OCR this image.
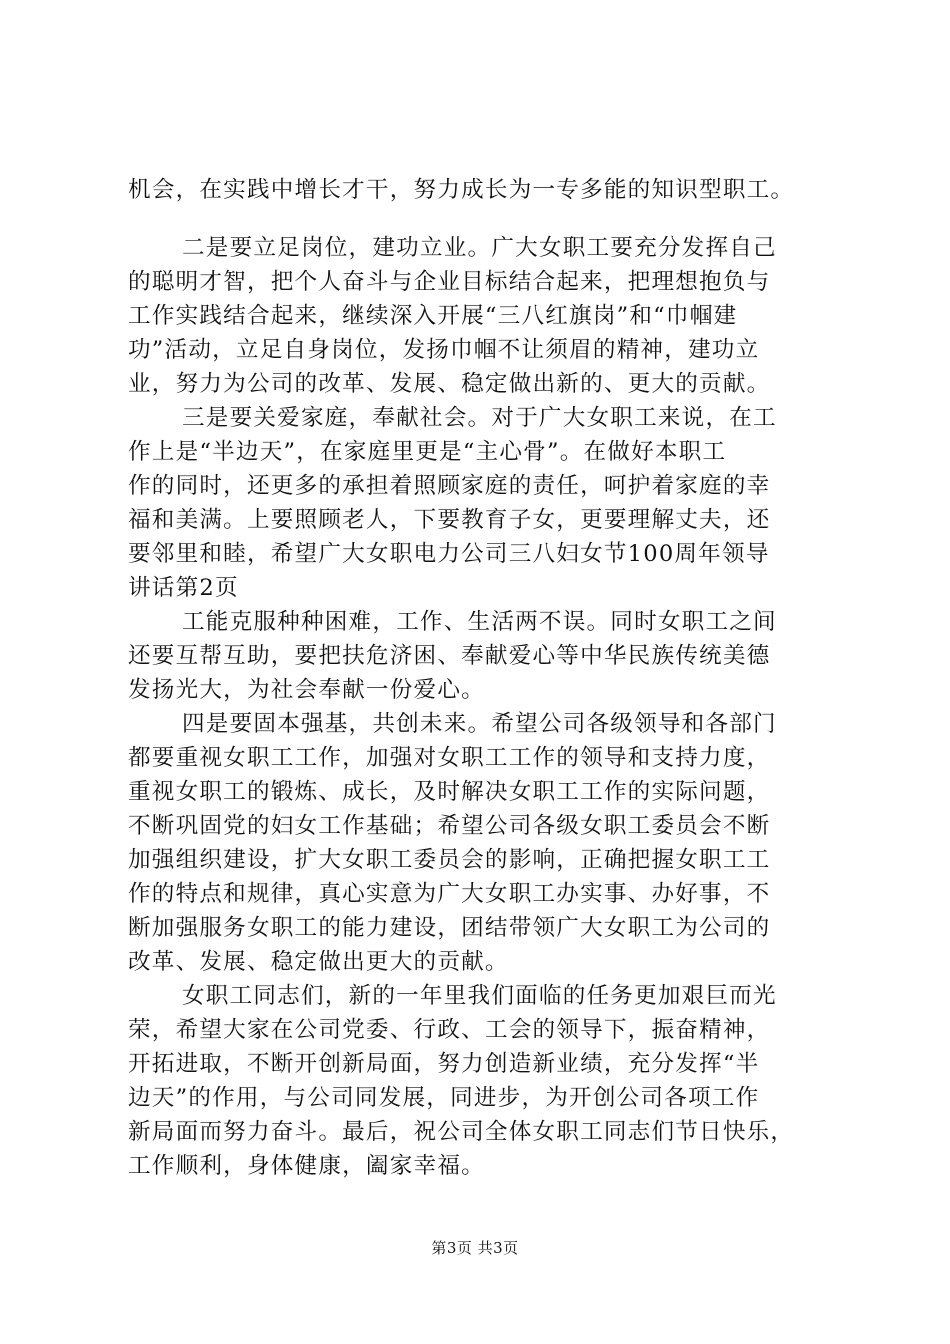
机会，在实践中增长才干，努力成长为一专多能的知识型职工。
二是要立足岗位，建功立业。广大女职工要充分发挥自己
的聪明才智，把个人奋斗与企业目标结合起来，把理想抱负与
工作实践结合起来，继续深入开展“三八红旗岗”和“巾帼建
功”活动，立足自身岗位，发扬巾帼不让须眉的精神，建功立
业，努力为公司的改革、发展、稳定做出新的、更大的贡献。
三是要关爱家庭，奉献社会。对于广大女职工来说，在工
作上是“半边天”，在家庭里更是“主心骨”。在做好本职工
作的同时，还更多的承担着照顾家庭的责任，呵护着家庭的幸
福和美满。上要照顾老人，下要教育子女，更要理解丈夫，还
要邻里和睦，希望广大女职电力公司三八妇女节100周年领导
讲话第2页
工能克服种种困难，工作、生活两不误。同时女职工之间
还要互帮互助，要把扶危济困、奉献爱心等中华民族传统美德
发扬光大，为社会奉献一份爱心。
四是要固本强基，共创未来。希望公司各级领导和各部门
都要重视女职工工作，加强对女职工工作的领导和支持力度，
重视女职工的锻炼、成长，及时解决女职工工作的实际问题，
不断巩固党的妇女工作基础；希望公司各级女职工委员会不断
加强组织建设，扩大女职工委员会的影响，正确把握女职工工
作的特点和规律，真心实意为广大女职工办实事、办好事，不
断加强服务女职工的能力建设，团结带领广大女职工为公司的
改革、发展、稳定做出更大的贡献。
女职工同志们，新的一年里我们面临的任务更加艰巨而光
荣，希望大家在公司党委、行政、工会的领导下，振奋精神，
开拓进取，不断开创新局面，努力创造新业绩，充分发挥“半
边天”的作用，与公司同发展，同进步，为开创公司各项工作
新局面而努力奋斗。最后，祝公司全体女职工同志们节日快乐，
工作顺利，身体健康，阖家幸福。
第3页 共3页
